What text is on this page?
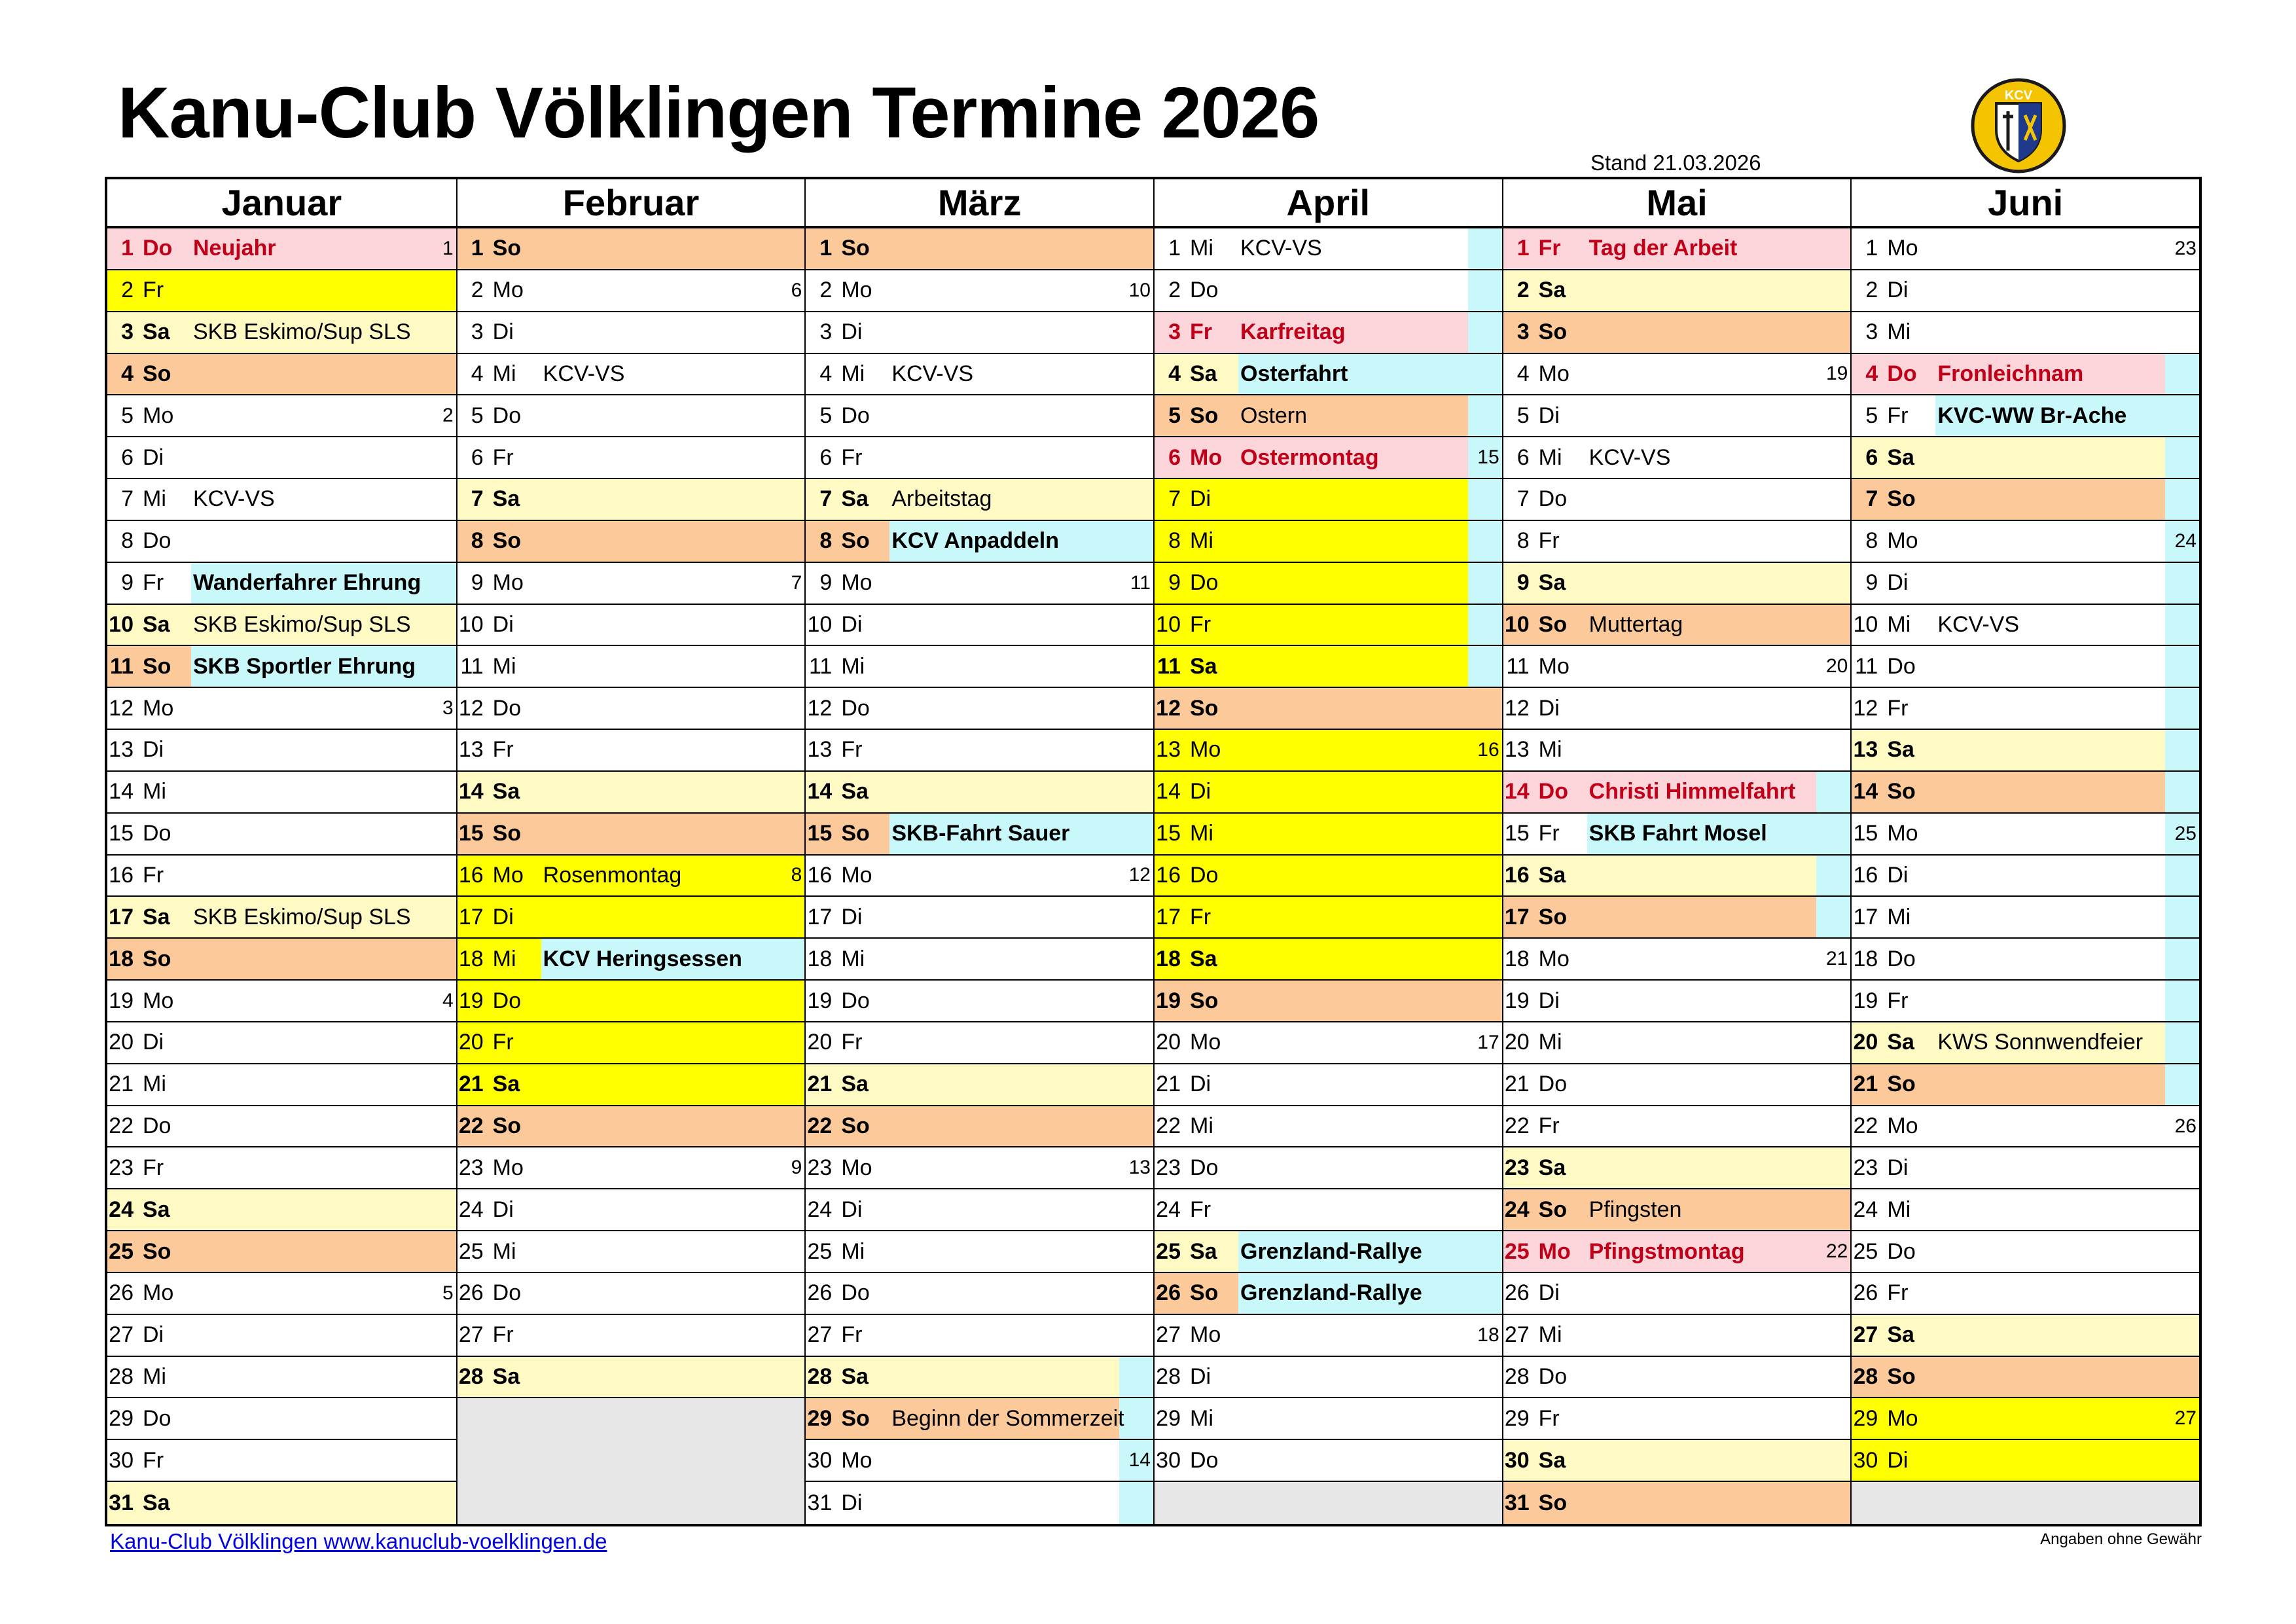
Kanu-Club Völklingen Termine 2026
Stand 21.03.2026
KCV
Januar
1 Do Neujahr	1
2 Fr
3 Sa	SKB Eskimo/Sup SLS
4 So
5 Mo	2
6 Di
7 Mi	KCV-VS
8 Do
9 Fr	Wanderfahrer Ehrung
10 Sa	SKB Eskimo/Sup SLS
11 So SKB Sportler Ehrung
12 Mo	3
13 Di
14 Mi
15 Do
16 Fr
17 Sa	SKB Eskimo/Sup SLS
18 So
19 Mo	4
20 Di
21 Mi
22 Do
23 Fr
24 Sa
25 So
26 Mo	5
27 Di
28 Mi
29 Do
30 Fr
31 Sa
Februar
1 So
2 Mo	6
3 Di
4 Mi	KCV-VS
5 Do
6 Fr
7 Sa
8 So
9 Mo	7
10 Di
11 Mi
12 Do
13 Fr
14 Sa
15 So
16 Mo Rosenmontag	8
17 Di
18 Mi	KCV Heringsessen
19 Do
20 Fr
21 Sa
22 So
23 Mo	9
24 Di
25 Mi
26 Do
27 Fr
28 Sa
März
1 So
2 Mo	10
3 Di
4 Mi	KCV-VS
5 Do
6 Fr
7 Sa	Arbeitstag
8 So KCV Anpaddeln
9 Mo	11
10 Di
11 Mi
12 Do
13 Fr
14 Sa
15 So SKB-Fahrt Sauer
16 Mo	12
17 Di
18 Mi
19 Do
20 Fr
21 Sa
22 So
23 Mo	13
24 Di
25 Mi
26 Do
27 Fr
28 Sa
29 So Beginn der Sommerzeit
30 Mo	14
31 Di
April
1 Mi	KCV-VS
2 Do
3 Fr	Karfreitag
4 Sa	Osterfahrt
5 So Ostern
6 Mo Ostermontag	15
7 Di
8 Mi
9 Do
10 Fr
11 Sa
12 So
13 Mo	16
14 Di
15 Mi
16 Do
17 Fr
18 Sa
19 So
20 Mo	17
21 Di
22 Mi
23 Do
24 Fr
25 Sa	Grenzland-Rallye
26 So Grenzland-Rallye
27 Mo	18
28 Di
29 Mi
30 Do
Mai
1 Fr	Tag der Arbeit
2 Sa
3 So
4 Mo	19
5 Di
6 Mi	KCV-VS
7 Do
8 Fr
9 Sa
10 So Muttertag
11 Mo	20
12 Di
13 Mi
14 Do Christi Himmelfahrt
15 Fr	SKB Fahrt Mosel
16 Sa
17 So
18 Mo	21
19 Di
20 Mi
21 Do
22 Fr
23 Sa
24 So Pfingsten
25 Mo Pfingstmontag	22
26 Di
27 Mi
28 Do
29 Fr
30 Sa
31 So
Juni
1 Mo	23
2 Di
3 Mi
4 Do Fronleichnam
5 Fr	KVC-WW Br-Ache
6 Sa
7 So
8 Mo	24
9 Di
10 Mi	KCV-VS
11 Do
12 Fr
13 Sa
14 So
15 Mo	25
16 Di
17 Mi
18 Do
19 Fr
20 Sa	KWS Sonnwendfeier
21 So
22 Mo	26
23 Di
24 Mi
25 Do
26 Fr
27 Sa
28 So
29 Mo	27
30 Di
Kanu-Club Völklingen www.kanuclub-voelklingen.de	Angaben ohne Gewähr
